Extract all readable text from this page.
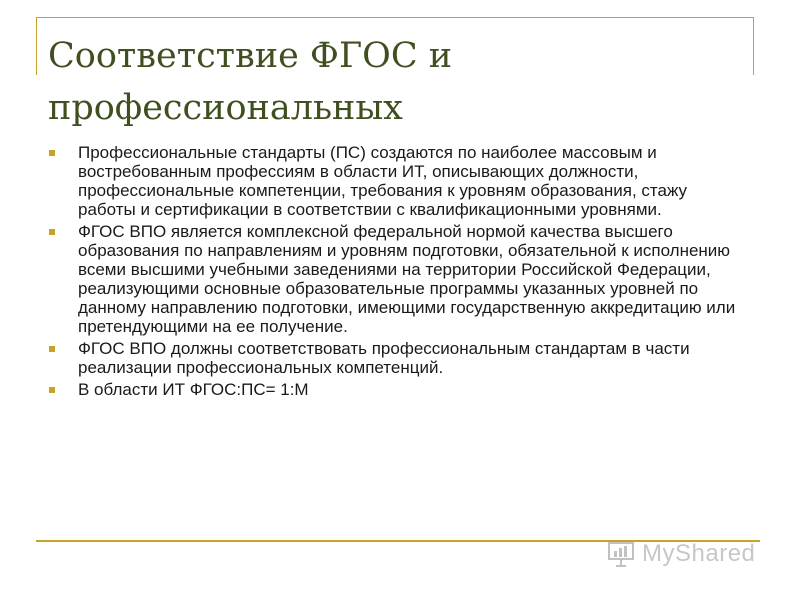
Соответствие ФГОС и профессиональных
Профессиональные стандарты (ПС) создаются по наиболее массовым и востребованным профессиям в области ИТ, описывающих должности, профессиональные компетенции, требования к уровням образования, стажу работы и сертификации в соответствии с квалификационными уровнями.
ФГОС ВПО является комплексной федеральной нормой качества высшего образования по направлениям и уровням подготовки, обязательной к исполнению всеми высшими учебными заведениями на территории Российской Федерации, реализующими основные образовательные программы указанных уровней по данному направлению подготовки, имеющими государственную аккредитацию или претендующими на ее получение.
ФГОС ВПО должны соответствовать профессиональным стандартам в части реализации профессиональных компетенций.
В области ИТ ФГОС:ПС= 1:М
MyShared
